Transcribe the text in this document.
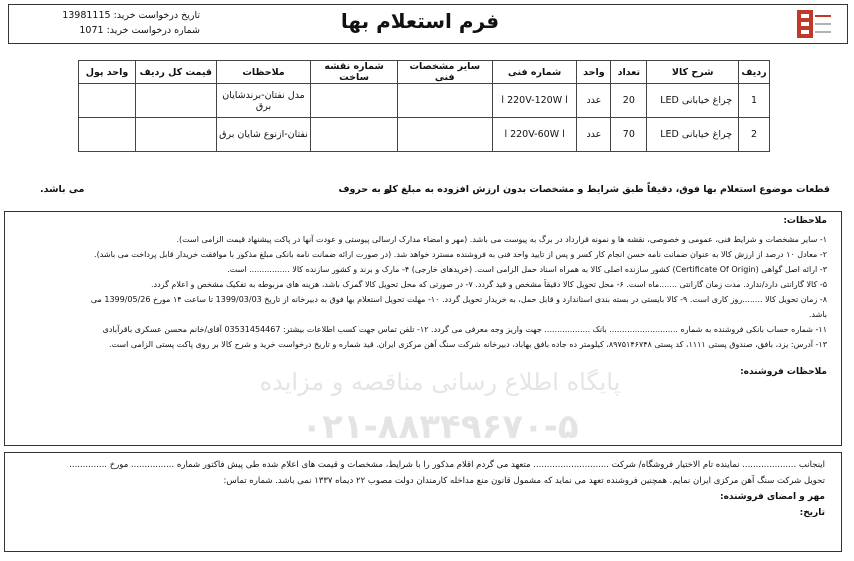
فرم استعلام بها
تاریخ درخواست خرید: 13981115
شماره درخواست خرید: 1071
ردیف	شرح کالا	تعداد	واحد	شماره فنی	سایر مشخصات فنی	شماره نقشه ساخت	ملاحظات	قیمت کل ردیف	واحد پول
1	چراغ خیابانی LED	20	عدد	l 220V-120W l			مدل نفتان-برندشایان برق		
2	چراغ خیابانی LED	70	عدد	l 220V-60W l			نفتان-ازنوع شایان برق		
قطعات موضوع استعلام بها فوق، دقیقاً طبق شرایط و مشخصات بدون ارزش افزوده به مبلغ کل
و به حروف
می باشد.
ملاحظات:
۱- سایر مشخصات و شرایط فنی، عمومی و خصوصی، نقشه ها و نمونه قرارداد در برگ به پیوست می باشد. (مهر و امضاء مدارک ارسالی پیوستی و عودت آنها در پاکت پیشنهاد قیمت الزامی است).
۲- معادل ۱۰ درصد از ارزش کالا به عنوان ضمانت نامه حسن انجام کار کسر و پس از تایید واحد فنی به فروشنده مسترد خواهد شد. (در صورت ارائه ضمانت نامه بانکی مبلغ مذکور با موافقت خریدار قابل پرداخت می باشد).
۳- ارائه اصل گواهی (Certificate Of Origin) کشور سازنده اصلی کالا به همراه اسناد حمل الزامی است. (خریدهای خارجی) ۴- مارک و برند و کشور سازنده کالا ................ است.
۵- کالا گارانتی دارد/ندارد. مدت زمان گارانتی .......ماه است. ۶- محل تحویل کالا دقیقاً مشخص و قید گردد. ۷- در صورتی که محل تحویل کالا گمرک باشد، هزینه های مربوطه به تفکیک مشخص و اعلام گردد.
۸- زمان تحویل کالا ........روز کاری است. ۹- کالا بایستی در بسته بندی استاندارد و قابل حمل، به خریدار تحویل گردد. ۱۰- مهلت تحویل استعلام بها فوق به دبیرخانه از تاریخ 1399/03/03 تا ساعت ۱۴ مورخ 1399/05/26 می
باشد.
۱۱- شماره حساب بانکی فروشنده به شماره ........................... بانک .................. جهت واریز وجه معرفی می گردد. ۱۲- تلفن تماس جهت کسب اطلاعات بیشتر: 03531454467 آقای/خانم محسن عسکری باقرآبادی
۱۳- آدرس: یزد، بافق، صندوق پستی ۱۱۱۱، کد پستی ۸۹۷۵۱۴۶۷۴۸، کیلومتر ده جاده بافق بهاباد، دبیرخانه شرکت سنگ آهن مرکزی ایران. قید شماره و تاریخ درخواست خرید و شرح کالا بر روی پاکت پستی الزامی است.
ملاحظات فروشنده:
پایگاه اطلاع رسانی مناقصه و مزایده
۰۲۱-۸۸۳۴۹۶۷۰-۵
اینجانب .................... نماینده تام الاختیار فروشگاه/ شرکت ............................ متعهد می گردم اقلام مذکور را با شرایط، مشخصات و قیمت های اعلام شده طی پیش فاکتور شماره ................ مورخ ..............
تحویل شرکت سنگ آهن مرکزی ایران نمایم. همچنین فروشنده تعهد می نماید که مشمول قانون منع مداخله کارمندان دولت مصوب ۲۲ دیماه ۱۳۳۷ نمی باشد. شماره تماس:
مهر و امضای فروشنده:
تاریخ:
